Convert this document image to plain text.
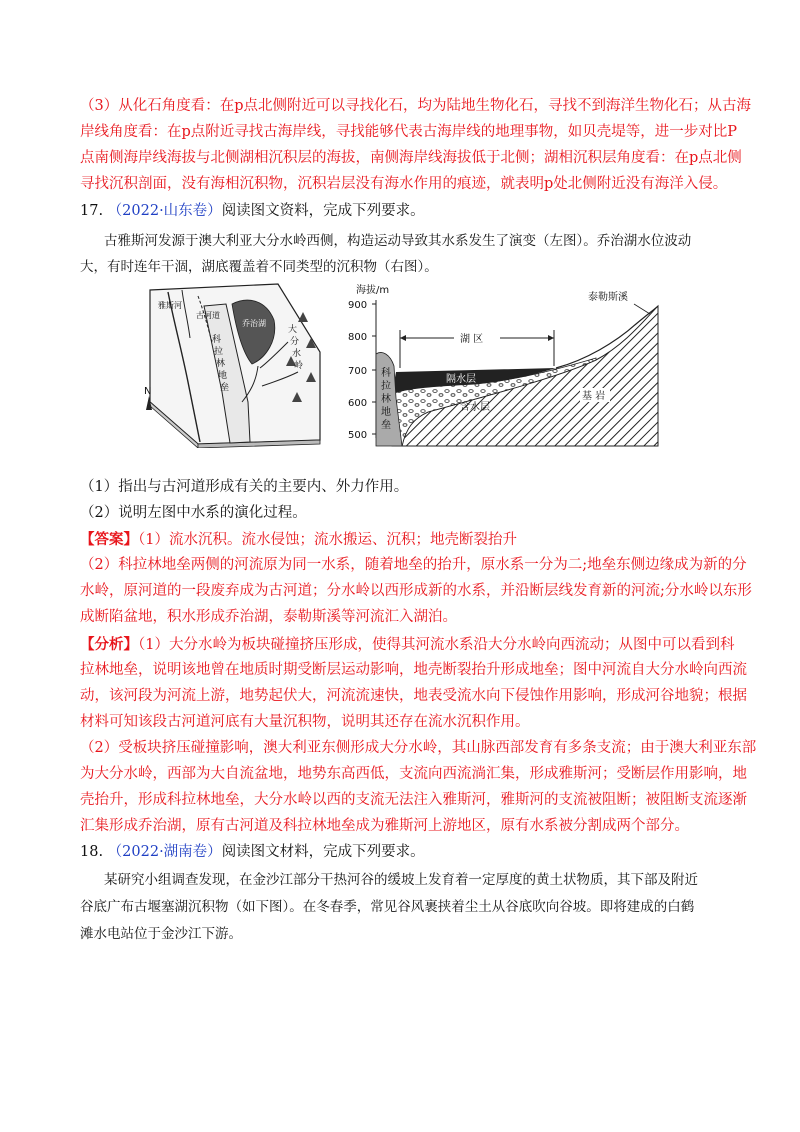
（3）从化石角度看：在p点北侧附近可以寻找化石，均为陆地生物化石，寻找不到海洋生物化石；从古海
岸线角度看：在p点附近寻找古海岸线，寻找能够代表古海岸线的地理事物，如贝壳堤等，进一步对比P
点南侧海岸线海拔与北侧湖相沉积层的海拔，南侧海岸线海拔低于北侧；湖相沉积层角度看：在p点北侧
寻找沉积剖面，没有海相沉积物，沉积岩层没有海水作用的痕迹，就表明p处北侧附近没有海洋入侵。
17. （2022·山东卷）阅读图文资料，完成下列要求。
古雅斯河发源于澳大利亚大分水岭西侧，构造运动导致其水系发生了演变（左图）。乔治湖水位波动
大，有时连年干涸，湖底覆盖着不同类型的沉积物（右图）。
N
雅斯河
古河道
乔治湖
科
拉
林
地
垒
大
分
水
岭
海拔/m
900
800
700
600
500
湖 区
泰勒斯溪
隔水层
含水层
基 岩
科
拉
林
地
垒
（1）指出与古河道形成有关的主要内、外力作用。
（2）说明左图中水系的演化过程。
【答案】（1）流水沉积。流水侵蚀；流水搬运、沉积；地壳断裂抬升
（2）科拉林地垒两侧的河流原为同一水系，随着地垒的抬升，原水系一分为二;地垒东侧边缘成为新的分
水岭，原河道的一段废弃成为古河道；分水岭以西形成新的水系，并沿断层线发育新的河流;分水岭以东形
成断陷盆地，积水形成乔治湖，泰勒斯溪等河流汇入湖泊。
【分析】（1）大分水岭为板块碰撞挤压形成，使得其河流水系沿大分水岭向西流动；从图中可以看到科
拉林地垒，说明该地曾在地质时期受断层运动影响，地壳断裂抬升形成地垒；图中河流自大分水岭向西流
动，该河段为河流上游，地势起伏大，河流流速快，地表受流水向下侵蚀作用影响，形成河谷地貌；根据
材料可知该段古河道河底有大量沉积物，说明其还存在流水沉积作用。
（2）受板块挤压碰撞影响，澳大利亚东侧形成大分水岭，其山脉西部发育有多条支流；由于澳大利亚东部
为大分水岭，西部为大自流盆地，地势东高西低，支流向西流淌汇集，形成雅斯河；受断层作用影响，地
壳抬升，形成科拉林地垒，大分水岭以西的支流无法注入雅斯河，雅斯河的支流被阻断；被阻断支流逐渐
汇集形成乔治湖，原有古河道及科拉林地垒成为雅斯河上游地区，原有水系被分割成两个部分。
18. （2022·湖南卷）阅读图文材料，完成下列要求。
某研究小组调查发现，在金沙江部分干热河谷的缓坡上发育着一定厚度的黄土状物质，其下部及附近
谷底广布古堰塞湖沉积物（如下图）。在冬春季，常见谷风裹挟着尘土从谷底吹向谷坡。即将建成的白鹤
滩水电站位于金沙江下游。
